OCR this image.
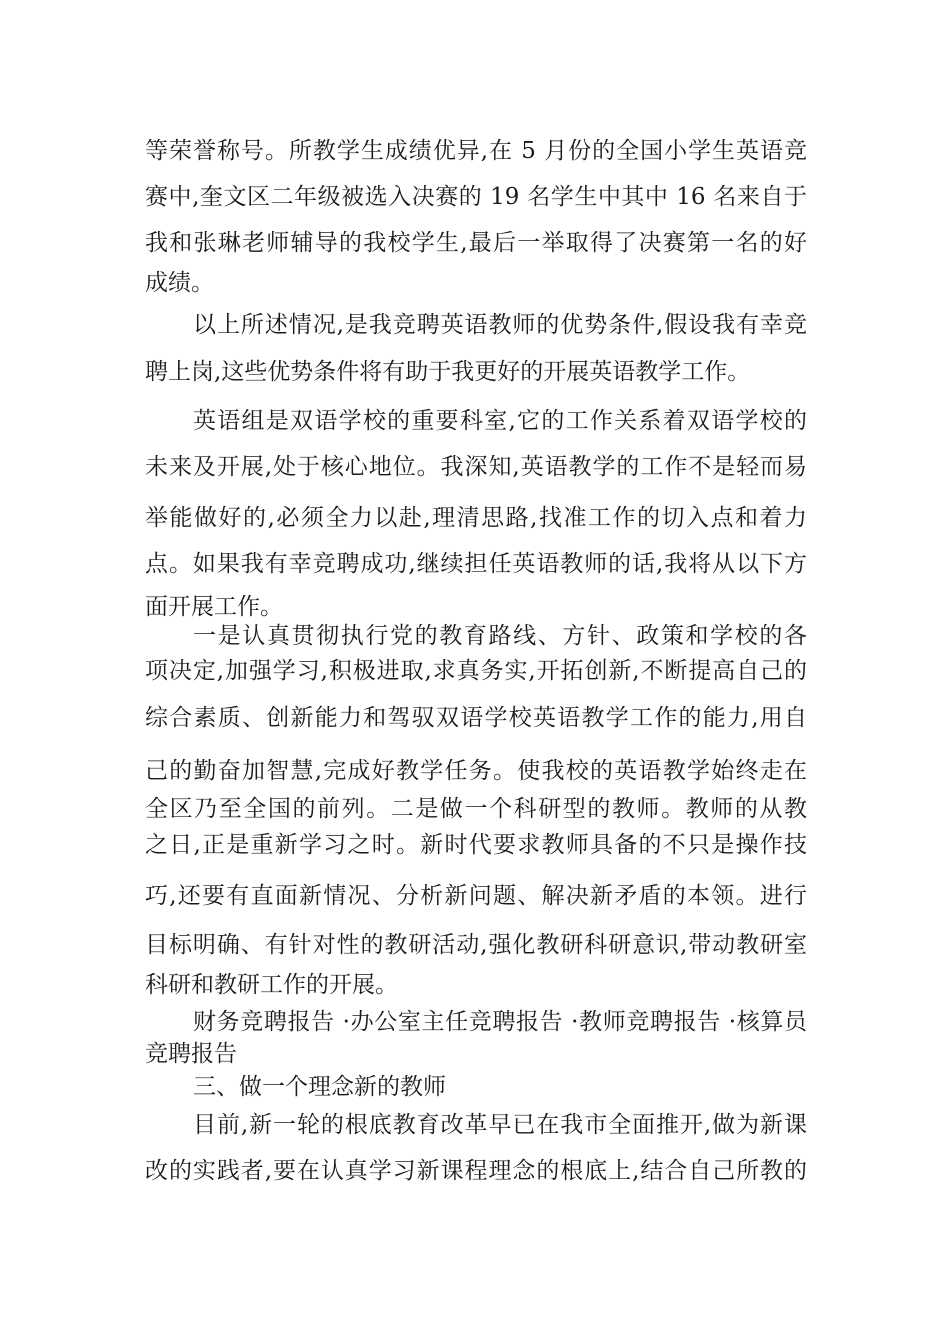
等荣誉称号。所教学生成绩优异,在 5 月份的全国小学生英语竞
赛中,奎文区二年级被选入决赛的 19 名学生中其中 16 名来自于
我和张琳老师辅导的我校学生,最后一举取得了决赛第一名的好
成绩。
以上所述情况,是我竞聘英语教师的优势条件,假设我有幸竞
聘上岗,这些优势条件将有助于我更好的开展英语教学工作。
英语组是双语学校的重要科室,它的工作关系着双语学校的
未来及开展,处于核心地位。我深知,英语教学的工作不是轻而易
举能做好的,必须全力以赴,理清思路,找准工作的切入点和着力
点。如果我有幸竞聘成功,继续担任英语教师的话,我将从以下方
面开展工作。
一是认真贯彻执行党的教育路线、方针、政策和学校的各
项决定,加强学习,积极进取,求真务实,开拓创新,不断提高自己的
综合素质、创新能力和驾驭双语学校英语教学工作的能力,用自
己的勤奋加智慧,完成好教学任务。使我校的英语教学始终走在
全区乃至全国的前列。二是做一个科研型的教师。教师的从教
之日,正是重新学习之时。新时代要求教师具备的不只是操作技
巧,还要有直面新情况、分析新问题、解决新矛盾的本领。进行
目标明确、有针对性的教研活动,强化教研科研意识,带动教研室
科研和教研工作的开展。
财务竞聘报告 ·办公室主任竞聘报告 ·教师竞聘报告 ·核算员
竞聘报告
三、做一个理念新的教师
目前,新一轮的根底教育改革早已在我市全面推开,做为新课
改的实践者,要在认真学习新课程理念的根底上,结合自己所教的
